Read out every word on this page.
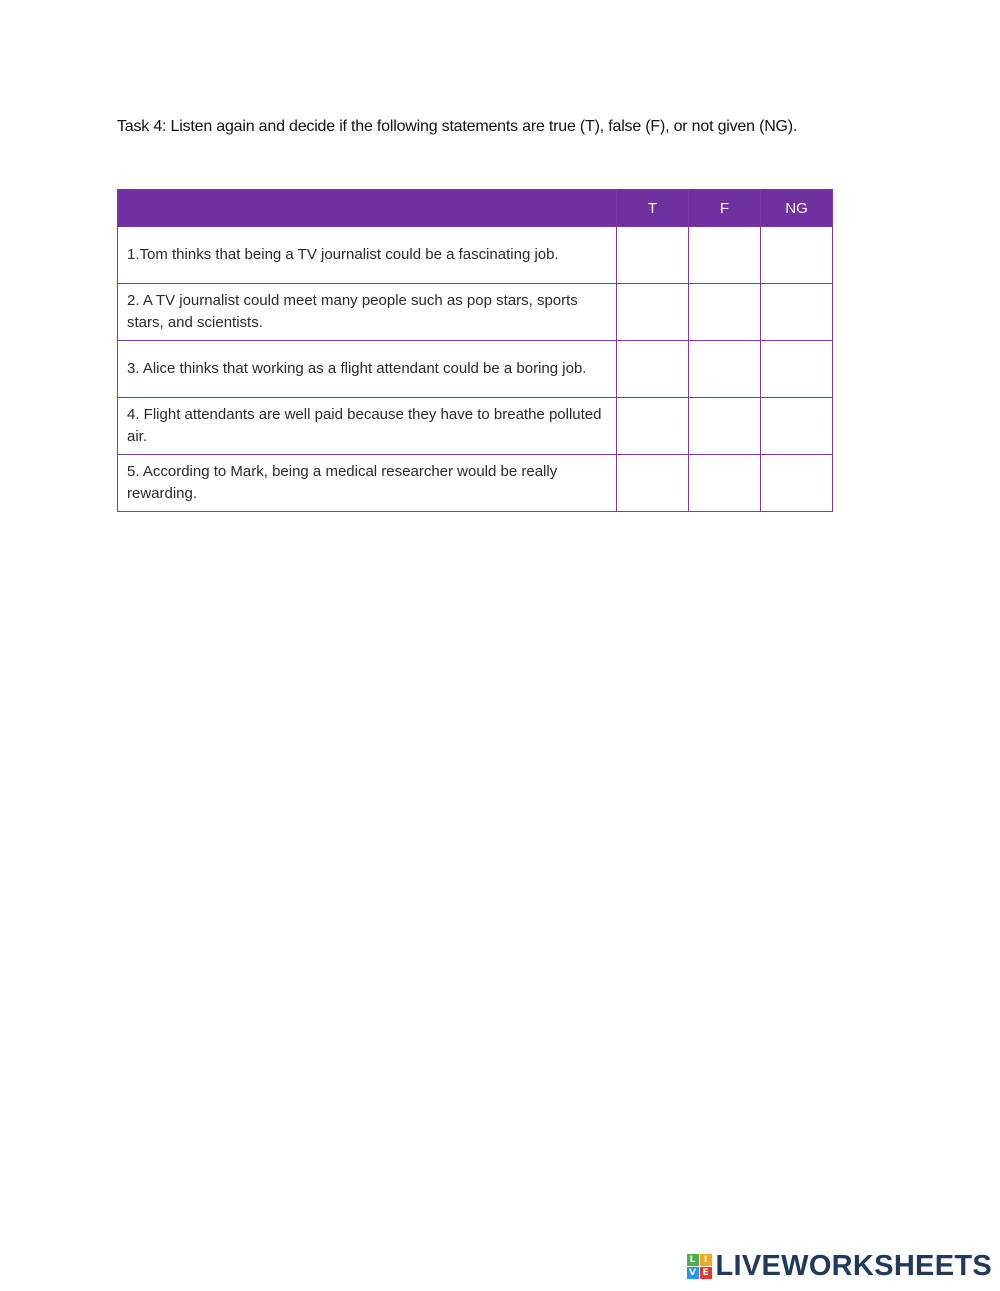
Task 4: Listen again and decide if the following statements are true (T), false (F), or not given (NG).
	T	F	NG
1.Tom thinks that being a TV journalist could be a fascinating job.			
2. A TV journalist could meet many people such as pop stars, sports stars, and scientists.			
3. Alice thinks that working as a flight attendant could be a boring job.			
4. Flight attendants are well paid because they have to breathe polluted air.			
5. According to Mark, being a medical researcher would be really rewarding.			
L I
V E LIVEWORKSHEETS
